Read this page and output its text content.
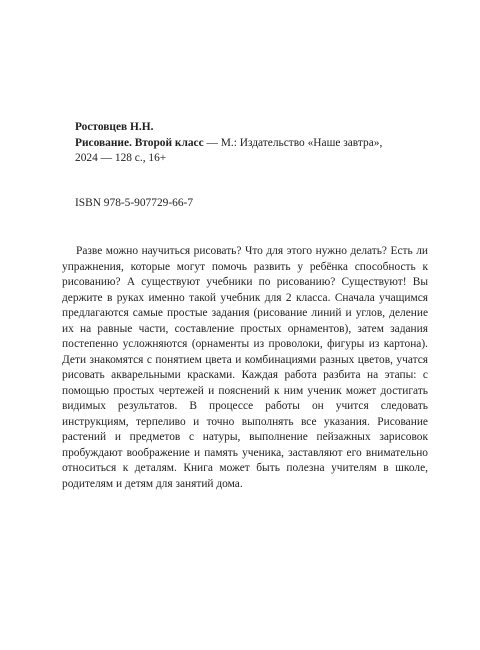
Ростовцев Н.Н.

Рисование. Второй класс — М.: Издательство «Наше завтра»,

2024 — 128 с., 16+

ISBN 978-5-907729-66-7

Разве можно научиться рисовать? Что для этого нужно делать? Есть ли упражнения, которые могут помочь развить у ребёнка способность к рисованию? А существуют учебники по рисованию? Существуют! Вы держите в руках именно такой учебник для 2 класса. Сначала учащимся предлагаются самые простые задания (рисование линий и углов, деление их на равные части, составление простых орнаментов), затем задания постепенно усложняются (орнаменты из проволоки, фигуры из картона). Дети знакомятся с понятием цвета и комбинациями разных цветов, учатся рисовать акварельными красками. Каждая работа разбита на этапы: с помощью простых чертежей и пояснений к ним ученик может достигать видимых результатов. В процессе работы он учится следовать инструкциям, терпеливо и точно выполнять все указания. Рисование растений и предметов с натуры, выполнение пейзажных зарисовок пробуждают воображение и память ученика, заставляют его внимательно относиться к деталям. Книга может быть полезна учителям в школе, родителям и детям для занятий дома.
